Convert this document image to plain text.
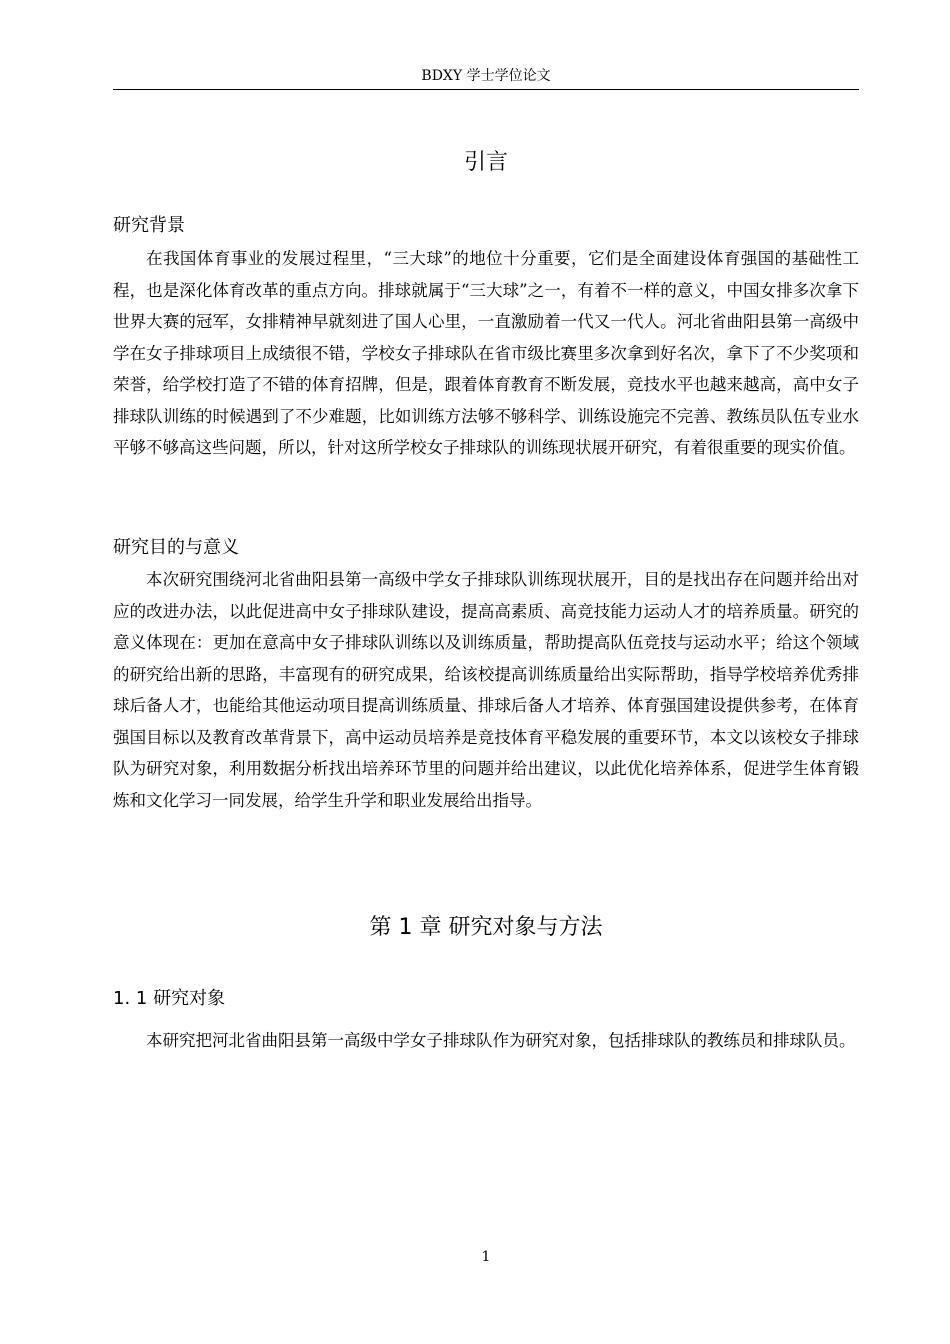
BDXY 学士学位论文
引言
研究背景

在我国体育事业的发展过程里，“三大球”的地位十分重要，它们是全面建设体育强国的基础性工程，也是深化体育改革的重点方向。排球就属于“三大球”之一，有着不一样的意义，中国女排多次拿下世界大赛的冠军，女排精神早就刻进了国人心里，一直激励着一代又一代人。河北省曲阳县第一高级中学在女子排球项目上成绩很不错，学校女子排球队在省市级比赛里多次拿到好名次，拿下了不少奖项和荣誉，给学校打造了不错的体育招牌，但是，跟着体育教育不断发展，竞技水平也越来越高，高中女子排球队训练的时候遇到了不少难题，比如训练方法够不够科学、训练设施完不完善、教练员队伍专业水平够不够高这些问题，所以，针对这所学校女子排球队的训练现状展开研究，有着很重要的现实价值。

研究目的与意义

本次研究围绕河北省曲阳县第一高级中学女子排球队训练现状展开，目的是找出存在问题并给出对应的改进办法，以此促进高中女子排球队建设，提高高素质、高竞技能力运动人才的培养质量。研究的意义体现在：更加在意高中女子排球队训练以及训练质量，帮助提高队伍竞技与运动水平；给这个领域的研究给出新的思路，丰富现有的研究成果，给该校提高训练质量给出实际帮助，指导学校培养优秀排球后备人才，也能给其他运动项目提高训练质量、排球后备人才培养、体育强国建设提供参考，在体育强国目标以及教育改革背景下，高中运动员培养是竞技体育平稳发展的重要环节，本文以该校女子排球队为研究对象，利用数据分析找出培养环节里的问题并给出建议，以此优化培养体系，促进学生体育锻炼和文化学习一同发展，给学生升学和职业发展给出指导。

第 1 章 研究对象与方法
1. 1 研究对象

本研究把河北省曲阳县第一高级中学女子排球队作为研究对象，包括排球队的教练员和排球队员。

1
